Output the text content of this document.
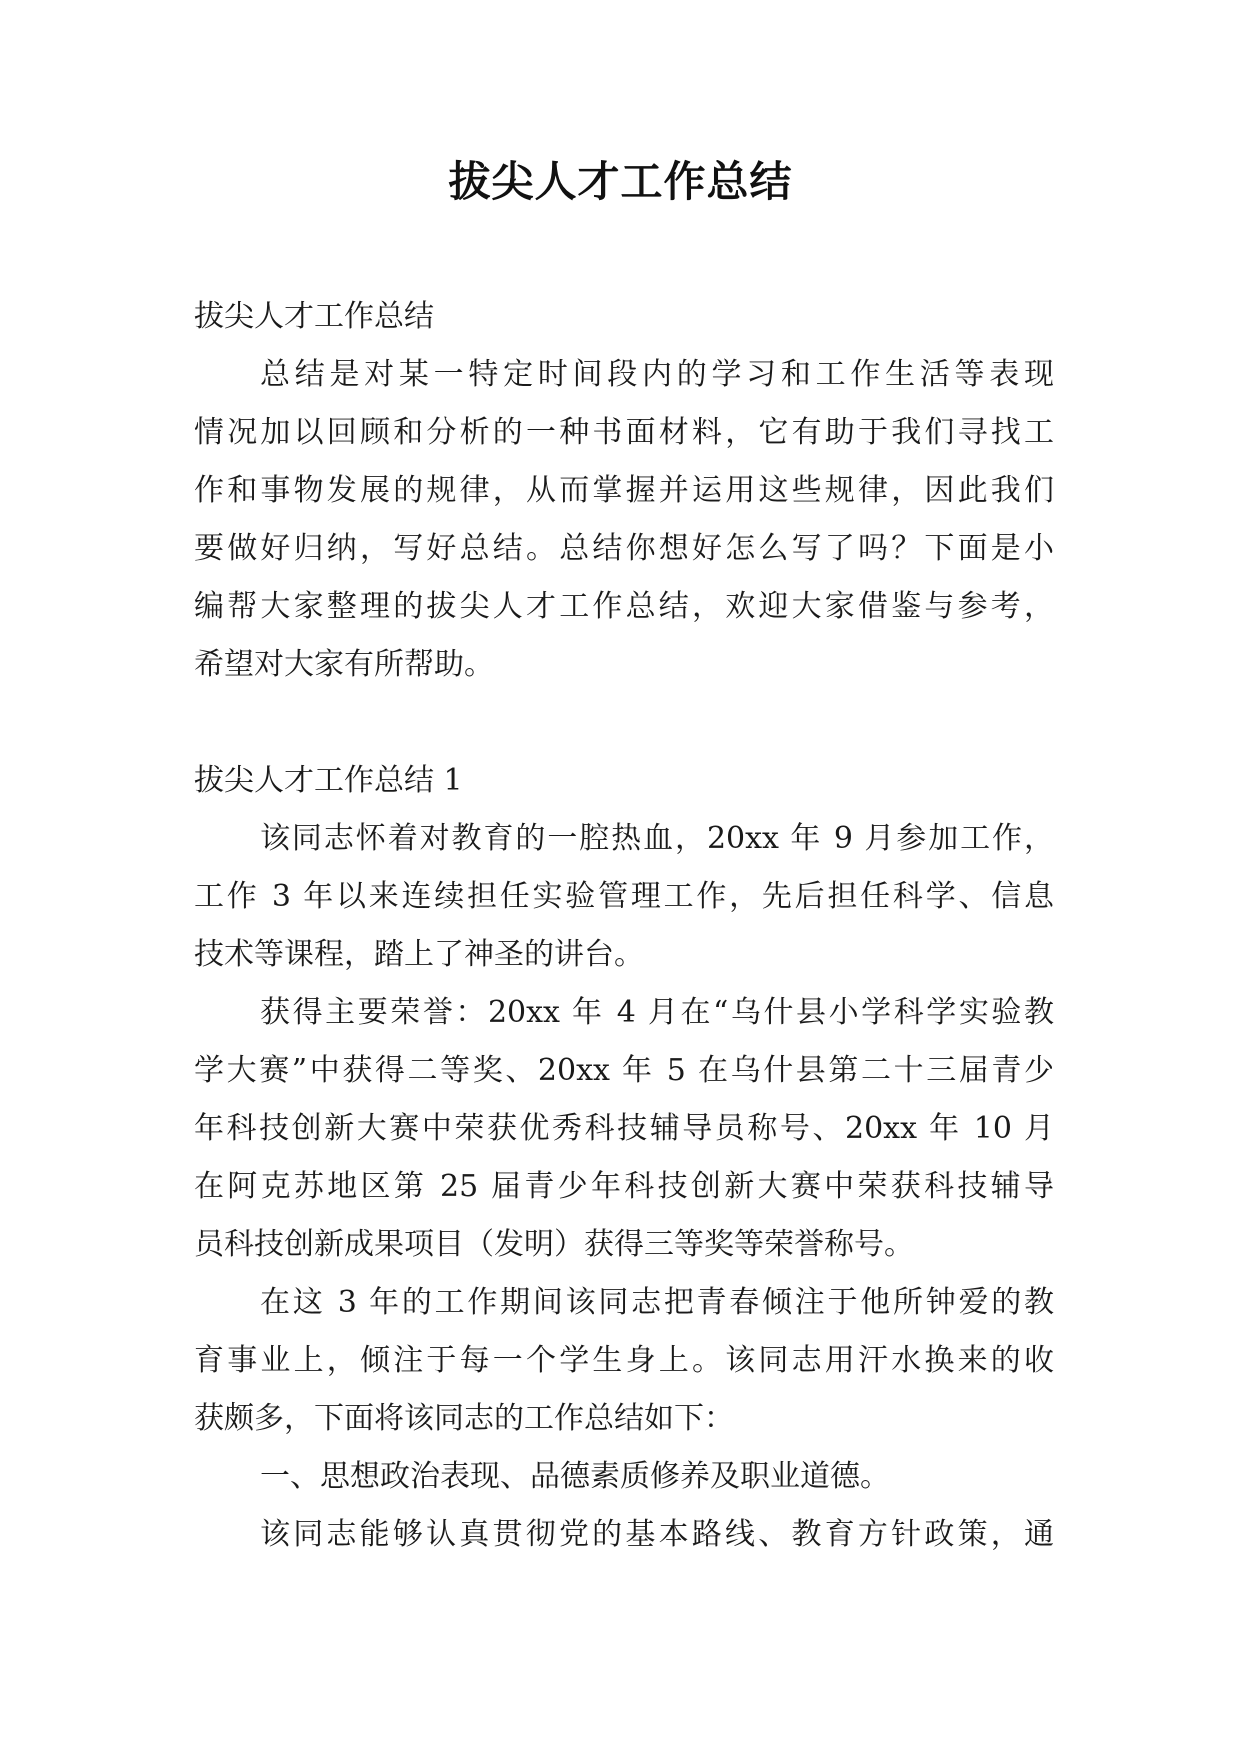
拔尖人才工作总结
拔尖人才工作总结
总结是对某一特定时间段内的学习和工作生活等表现
情况加以回顾和分析的一种书面材料，它有助于我们寻找工
作和事物发展的规律，从而掌握并运用这些规律，因此我们
要做好归纳，写好总结。总结你想好怎么写了吗？下面是小
编帮大家整理的拔尖人才工作总结，欢迎大家借鉴与参考，
希望对大家有所帮助。
拔尖人才工作总结 1
该同志怀着对教育的一腔热血，20xx 年 9 月参加工作，
工作 3 年以来连续担任实验管理工作，先后担任科学、信息
技术等课程，踏上了神圣的讲台。
获得主要荣誉：20xx 年 4 月在“乌什县小学科学实验教
学大赛”中获得二等奖、20xx 年 5 在乌什县第二十三届青少
年科技创新大赛中荣获优秀科技辅导员称号、20xx 年 10 月
在阿克苏地区第 25 届青少年科技创新大赛中荣获科技辅导
员科技创新成果项目（发明）获得三等奖等荣誉称号。
在这 3 年的工作期间该同志把青春倾注于他所钟爱的教
育事业上，倾注于每一个学生身上。该同志用汗水换来的收
获颇多，下面将该同志的工作总结如下：
一、思想政治表现、品德素质修养及职业道德。
该同志能够认真贯彻党的基本路线、教育方针政策，通
